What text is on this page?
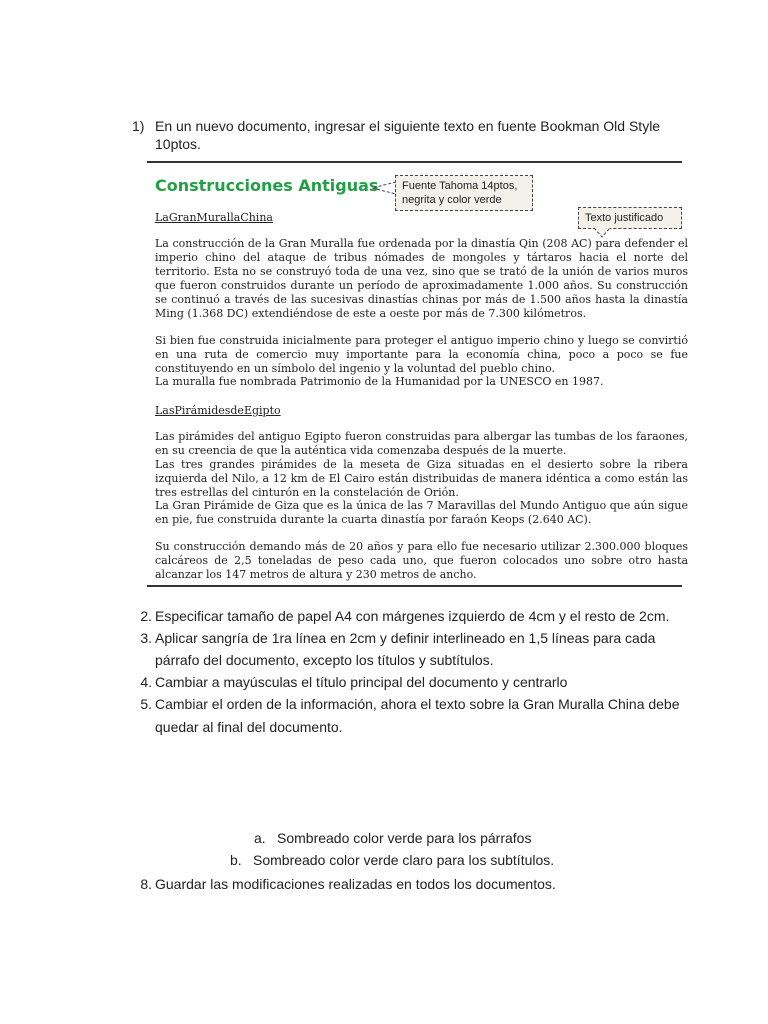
1) En un nuevo documento, ingresar el siguiente texto en fuente Bookman Old Style
10ptos.
Construcciones Antiguas	Fuente Tahoma 14ptos, negrita y color verde
Texto justificado
LaGranMurallaChina

La construcción de la Gran Muralla fue ordenada por la dinastía Qin (208 AC) para defender el imperio chino del ataque de tribus nómades de mongoles y tártaros hacia el norte del territorio. Esta no se construyó toda de una vez, sino que se trató de la unión de varios muros que fueron construidos durante un período de aproximadamente 1.000 años. Su construcción se continuó a través de las sucesivas dinastías chinas por más de 1.500 años hasta la dinastía Ming (1.368 DC) extendiéndose de este a oeste por más de 7.300 kilómetros.

Si bien fue construida inicialmente para proteger el antiguo imperio chino y luego se convirtió en una ruta de comercio muy importante para la economía china, poco a poco se fue constituyendo en un símbolo del ingenio y la voluntad del pueblo chino.

La muralla fue nombrada Patrimonio de la Humanidad por la UNESCO en 1987.

LasPirámidesdeEgipto

Las pirámides del antiguo Egipto fueron construidas para albergar las tumbas de los faraones, en su creencia de que la auténtica vida comenzaba después de la muerte.

Las tres grandes pirámides de la meseta de Giza situadas en el desierto sobre la ribera izquierda del Nilo, a 12 km de El Cairo están distribuidas de manera idéntica a como están las tres estrellas del cinturón en la constelación de Orión.

La Gran Pirámide de Giza que es la única de las 7 Maravillas del Mundo Antiguo que aún sigue en pie, fue construida durante la cuarta dinastía por faraón Keops (2.640 AC).

Su construcción demando más de 20 años y para ello fue necesario utilizar 2.300.000 bloques calcáreos de 2,5 toneladas de peso cada uno, que fueron colocados uno sobre otro hasta alcanzar los 147 metros de altura y 230 metros de ancho.

2. Especificar tamaño de papel A4 con márgenes izquierdo de 4cm y el resto de 2cm.
3. Aplicar sangría de 1ra línea en 2cm y definir interlineado en 1,5 líneas para cada
párrafo del documento, excepto los títulos y subtítulos.
4. Cambiar a mayúsculas el título principal del documento y centrarlo
5. Cambiar el orden de la información, ahora el texto sobre la Gran Muralla China debe
quedar al final del documento.
a. Sombreado color verde para los párrafos
b. Sombreado color verde claro para los subtítulos.
8. Guardar las modificaciones realizadas en todos los documentos.
